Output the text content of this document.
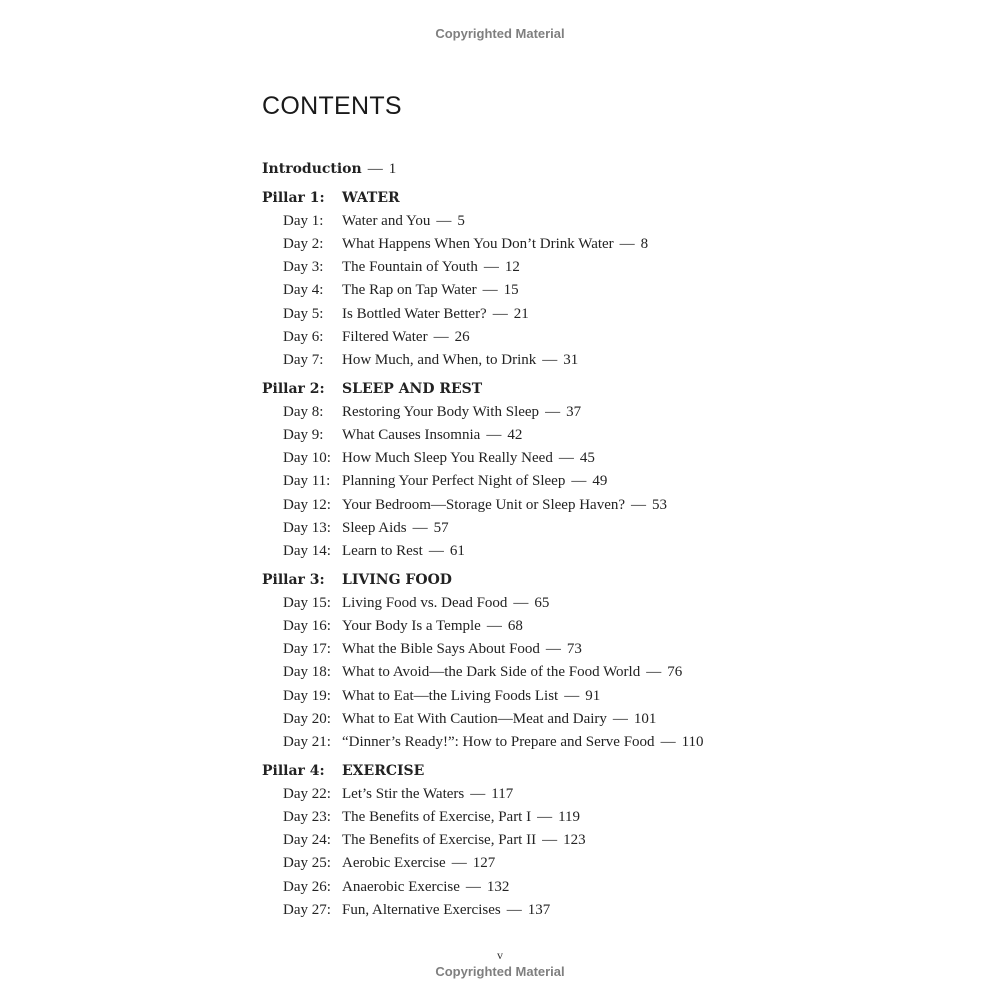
Copyrighted Material
CONTENTS
Introduction — 1
Pillar 1:	WATER
Day 1:	Water and You — 5
Day 2:	What Happens When You Don’t Drink Water — 8
Day 3:	The Fountain of Youth — 12
Day 4:	The Rap on Tap Water — 15
Day 5:	Is Bottled Water Better? — 21
Day 6:	Filtered Water — 26
Day 7:	How Much, and When, to Drink — 31
Pillar 2:	SLEEP AND REST
Day 8:	Restoring Your Body With Sleep — 37
Day 9:	What Causes Insomnia — 42
Day 10: How Much Sleep You Really Need — 45
Day 11: Planning Your Perfect Night of Sleep — 49
Day 12: Your Bedroom—Storage Unit or Sleep Haven? — 53
Day 13: Sleep Aids — 57
Day 14: Learn to Rest — 61
Pillar 3:	LIVING FOOD
Day 15: Living Food vs. Dead Food — 65
Day 16: Your Body Is a Temple — 68
Day 17: What the Bible Says About Food — 73
Day 18: What to Avoid—the Dark Side of the Food World — 76
Day 19: What to Eat—the Living Foods List — 91
Day 20: What to Eat With Caution—Meat and Dairy — 101
Day 21: “Dinner’s Ready!”: How to Prepare and Serve Food — 110
Pillar 4:	EXERCISE
Day 22: Let’s Stir the Waters — 117
Day 23: The Benefits of Exercise, Part I — 119
Day 24: The Benefits of Exercise, Part II — 123
Day 25: Aerobic Exercise — 127
Day 26: Anaerobic Exercise — 132
Day 27: Fun, Alternative Exercises — 137
v
Copyrighted Material
